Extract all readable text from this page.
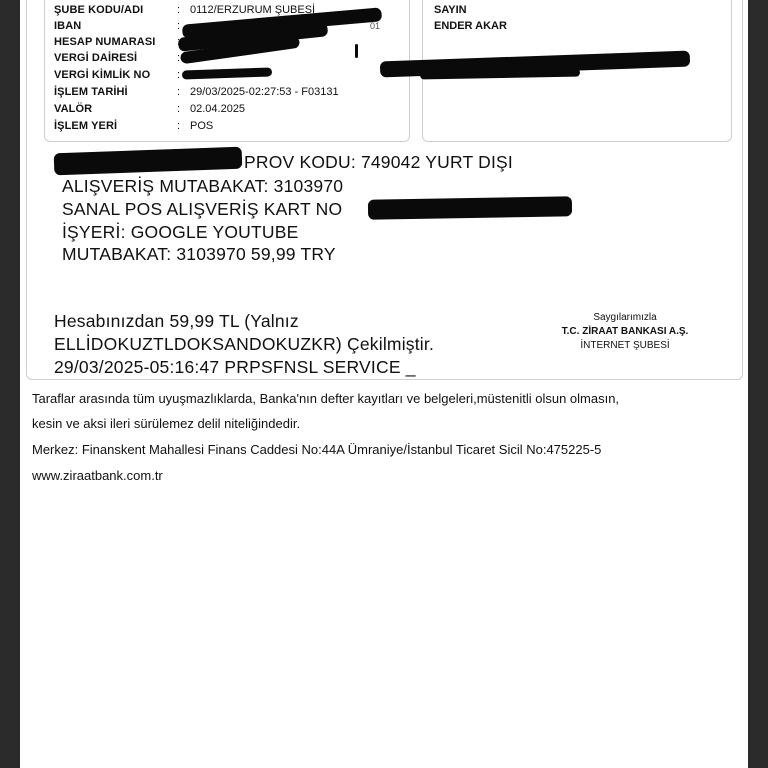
ŞUBE KODU/ADI	: 0112/ERZURUM ŞUBESİ
IBAN	:	01
HESAP NUMARASI
VERGİ DAİRESİ	:
VERGİ KİMLİK NO :
İŞLEM TARİHİ	: 29/03/2025-02:27:53 - F03131
VALÖR	: 02.04.2025
İŞLEM YERİ	: POS
SAYIN
ENDER AKAR
PROV KODU: 749042 YURT DIŞI
ALIŞVERİŞ MUTABAKAT: 3103970
SANAL POS ALIŞVERİŞ KART NO
İŞYERİ: GOOGLE YOUTUBE
MUTABAKAT: 3103970 59,99 TRY
Hesabınızdan 59,99 TL (Yalnız
ELLİDOKUZTLDOKSANDOKUZKR) Çekilmiştir.
29/03/2025-05:16:47 PRPSFNSL SERVICE _
Saygılarımızla
T.C. ZİRAAT BANKASI A.Ş.
İNTERNET ŞUBESİ
Taraflar arasında tüm uyuşmazlıklarda, Banka'nın defter kayıtları ve belgeleri,müstenitli olsun olmasın,
kesin ve aksi ileri sürülemez delil niteliğindedir.
Merkez: Finanskent Mahallesi Finans Caddesi No:44A Ümraniye/İstanbul Ticaret Sicil No:475225-5
www.ziraatbank.com.tr
